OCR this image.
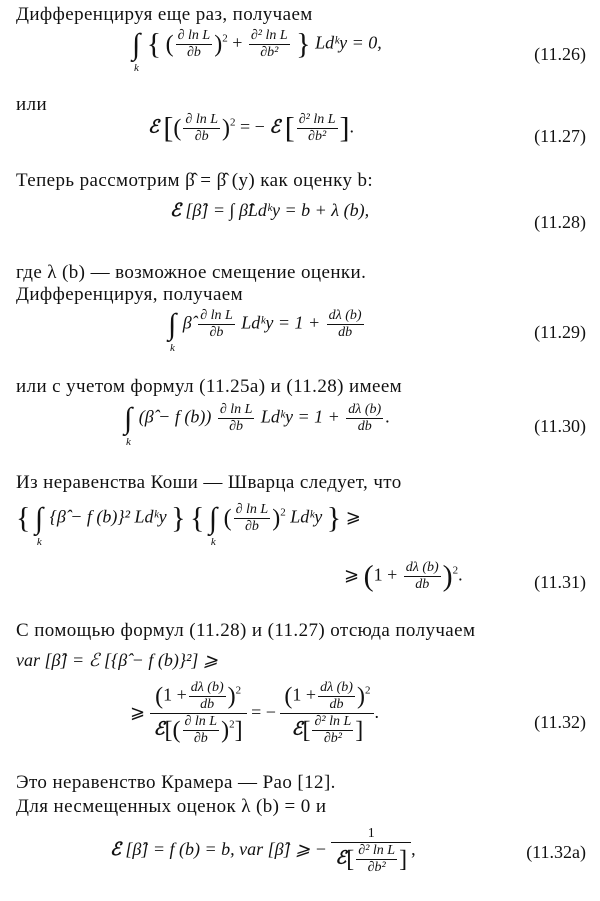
Дифференцируя еще раз, получаем
∫
k
{ ( $\frac{\text{∂ ln L}}{\partial b} )^2 + \frac{\text{∂² ln L}}{\text{∂b²}}$ } Ldᵏy = 0,
(11.26)
или
ℰ [( $\frac{\text{∂ ln L}}{\partial b} )^2$ = − ℰ [ $\frac{\text{∂² ln L}}{\text{∂b²}}$ ].	(11.27)
Теперь рассмотрим β̂ = β̂ (y) как оценку b:
ℰ [β̂] = ∫ β̂Ldᵏy = b + λ (b),
(11.28)
где λ (b) — возможное смещение оценки.
Дифференцируя, получаем
∫
k
β̂ $\frac{\text{∂ ln L}}{\partial b}$ Ldᵏy = $1 + \frac{d\lambda (b)}{db}$	(11.29)
или с учетом формул (11.25а) и (11.28) имеем
∫
k
(β̂ − f $(b)) \frac{\text{∂ ln L}}{\partial b}$ Ldᵏy = $1 + \frac{d\lambda (b)}{db}$ .	(11.30)
Из неравенства Коши — Шварца следует, что
{ ∫
k
{β̂ − f (b)}² Ldᵏy } { ∫
k
( $\frac{\text{∂ ln L}}{\partial b} )^2$ Ldᵏy } ⩾
⩾ $(1 + \frac{d\lambda (b)}{db} )^2$.	(11.31)
С помощью формул (11.28) и (11.27) отсюда получаем
var [β̂] = ℰ [{β̂ − f (b)}²] ⩾
⩾
$(1 + \frac{d\lambda (b)}{db} )^2$
ℰ[( $\frac{\text{∂ ln L}}{\partial b} )^2$]
= −
$(1 + \frac{d\lambda (b)}{db} )^2$
ℰ[ $\frac{\text{∂² ln L}}{\text{∂b²}}$ ]
.
(11.32)
Это неравенство Крамера — Рао [12].
Для несмещенных оценок λ (b) = 0 и
ℰ [β̂] = f (b) = b, var [β̂] ⩾ −
1
ℰ[ $\frac{\text{∂² ln L}}{\text{∂b²}}$ ] ,	(11.32a)
